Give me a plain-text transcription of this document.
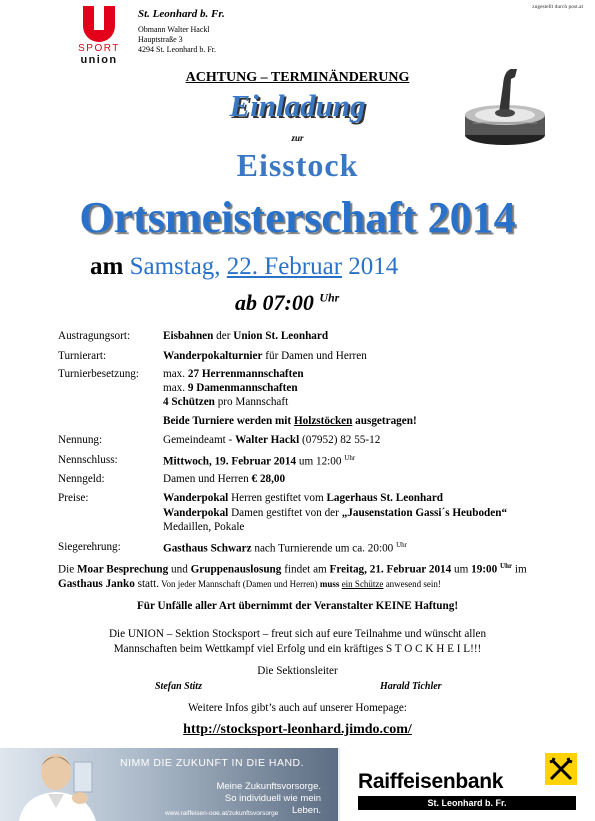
SPORT
union
St. Leonhard b. Fr.
Obmann Walter Hackl
Hauptstraße 3
4294 St. Leonhard b. Fr.
zugestellt durch post.at
ACHTUNG – TERMINÄNDERUNG
Einladung
zur
Eisstock
Ortsmeisterschaft 2014
am Samstag, 22. Februar 2014
ab 07:00 $^{Uhr}$
Austragungsort:	Eisbahnen der Union St. Leonhard
Turnierart:	Wanderpokalturnier für Damen und Herren
Turnierbesetzung: max. 27 Herrenmannschaften
max. 9 Damenmannschaften
4 Schützen pro Mannschaft
Beide Turniere werden mit Holzstöcken ausgetragen!
Nennung:	Gemeindeamt - Walter Hackl (07952) 82 55-12
Nennschluss:	Mittwoch, 19. Februar 2014 um 12:00 $^{Uhr}$
Nenngeld:	Damen und Herren € 28,00
Preise:	Wanderpokal Herren gestiftet vom Lagerhaus St. Leonhard
Wanderpokal Damen gestiftet von der „Jausenstation Gassi´s Heuboden“
Medaillen, Pokale
Siegerehrung:	Gasthaus Schwarz nach Turnierende um ca. 20:00 $^{Uhr}$
Die Moar Besprechung und Gruppenauslosung findet am Freitag, 21. Februar 2014 um 19:00 $^{Uhr}$ im Gasthaus Janko statt. Von jeder Mannschaft (Damen und Herren) muss ein Schütze anwesend sein!
Für Unfälle aller Art übernimmt der Veranstalter KEINE Haftung!
Die UNION – Sektion Stocksport – freut sich auf eure Teilnahme und wünscht allen
Mannschaften beim Wettkampf viel Erfolg und ein kräftiges S T O C K H E I L!!!
Die Sektionsleiter
Stefan Stitz	Harald Tichler
Weitere Infos gibt’s auch auf unserer Homepage:
http://stocksport-leonhard.jimdo.com/
NIMM DIE ZUKUNFT IN DIE HAND.
Meine Zukunftsvorsorge.
So individuell wie mein Leben.
www.raiffeisen-ooe.at/zukunftsvorsorge
Raiffeisenbank
St. Leonhard b. Fr.
